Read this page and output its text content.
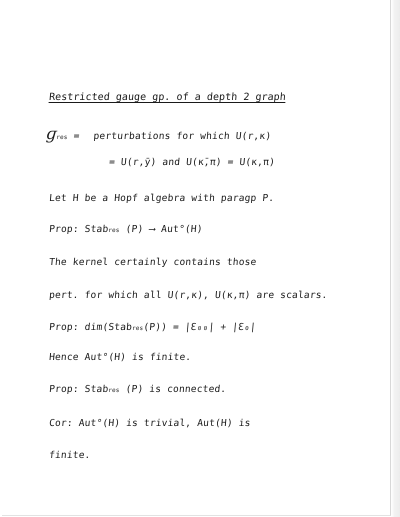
Restricted gauge gp. of a depth 2 graph
ɡres = perturbations for which U(r,κ)
= U(r,ȳ) and U(κ̄,π) = U(κ,π)
Let H be a Hopf algebra with paragp P.
Prop: Stabres (P) ⟶ Aut°(H)
The kernel certainly contains those
pert. for which all U(r,κ), U(κ,π) are scalars.
Prop: dim(Stabres(P)) = |Ɛ₀₀| + |Ɛ₀|
Hence Aut°(H) is finite.
Prop: Stabres (P) is connected.
Cor: Aut°(H) is trivial, Aut(H) is
finite.
